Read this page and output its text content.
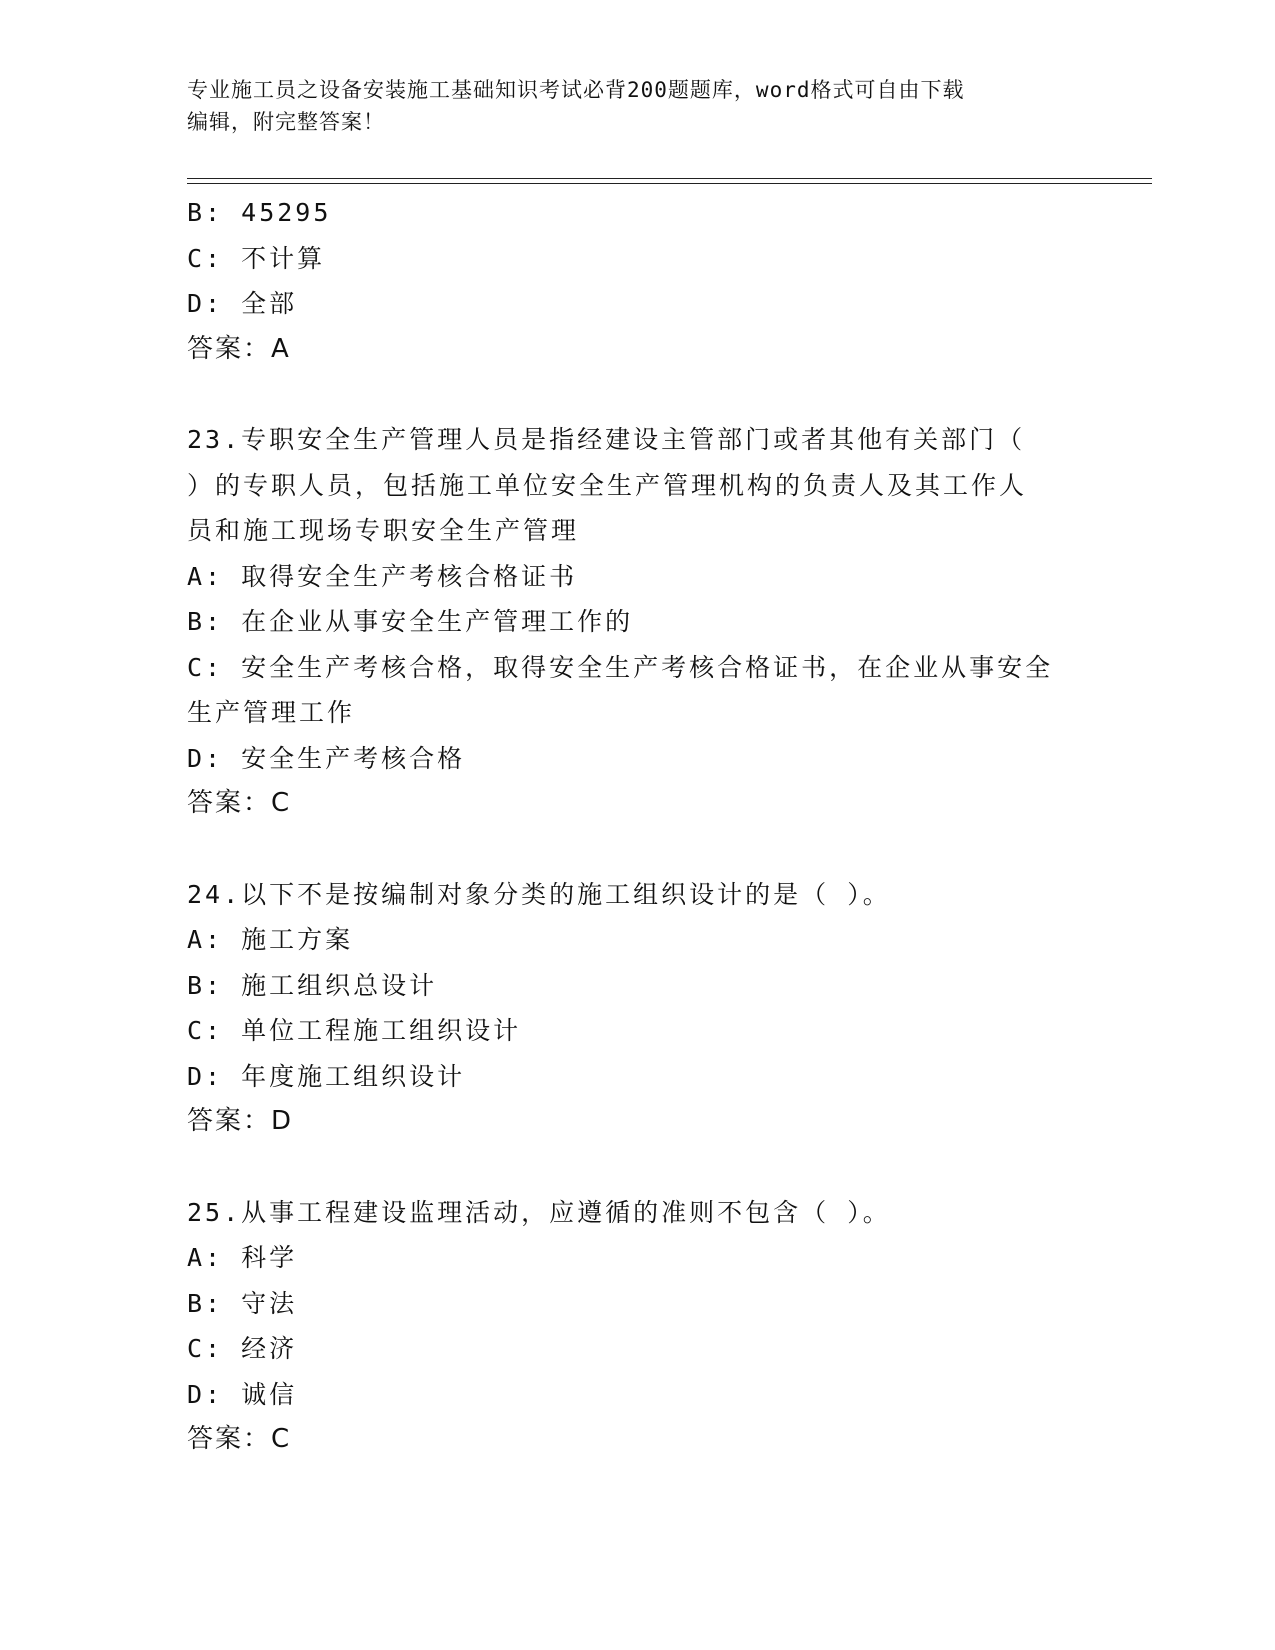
专业施工员之设备安装施工基础知识考试必背200题题库，word格式可自由下载
编辑，附完整答案！
B: 45295
C: 不计算
D: 全部
答案：A
23.专职安全生产管理人员是指经建设主管部门或者其他有关部门（
）的专职人员，包括施工单位安全生产管理机构的负责人及其工作人
员和施工现场专职安全生产管理
A: 取得安全生产考核合格证书
B: 在企业从事安全生产管理工作的
C: 安全生产考核合格，取得安全生产考核合格证书，在企业从事安全
生产管理工作
D: 安全生产考核合格
答案：C
24.以下不是按编制对象分类的施工组织设计的是（ ）。
A: 施工方案
B: 施工组织总设计
C: 单位工程施工组织设计
D: 年度施工组织设计
答案：D
25.从事工程建设监理活动，应遵循的准则不包含（ ）。
A: 科学
B: 守法
C: 经济
D: 诚信
答案：C
